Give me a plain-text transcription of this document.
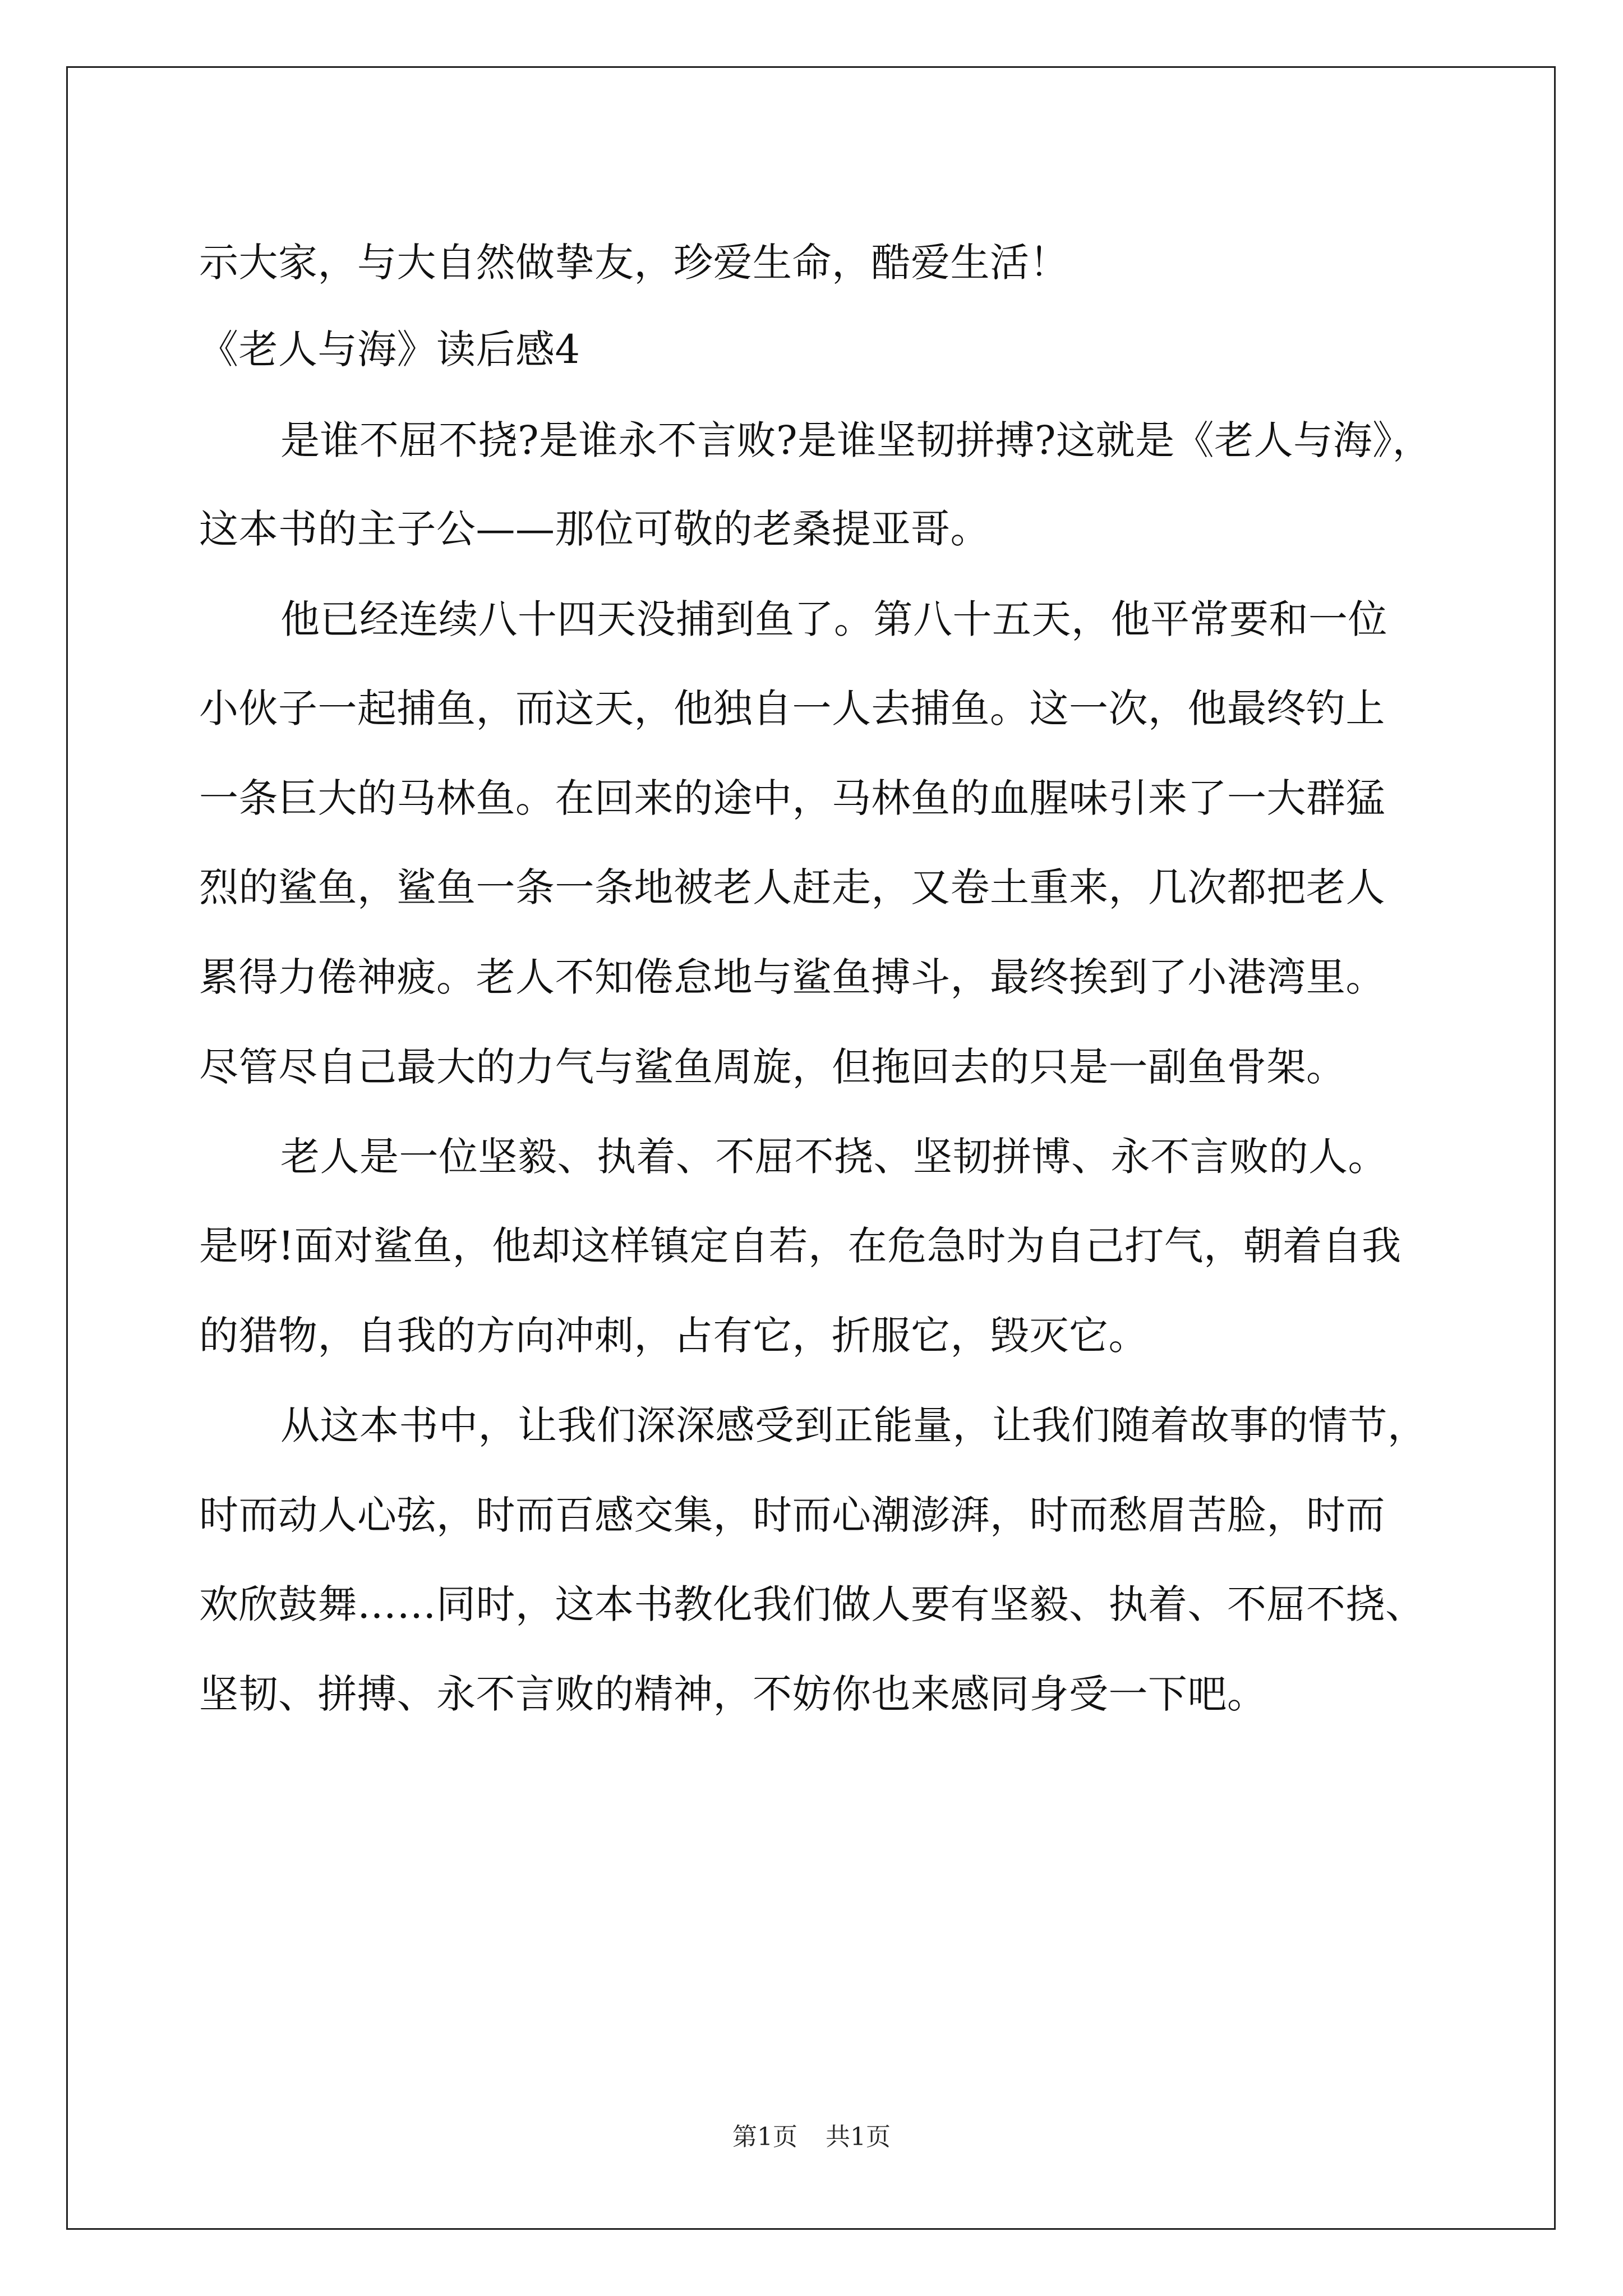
示大家，与大自然做挚友，珍爱生命，酷爱生活！
《老人与海》读后感4
是谁不屈不挠?是谁永不言败?是谁坚韧拼搏?这就是《老人与海》，
这本书的主子公——那位可敬的老桑提亚哥。
他已经连续八十四天没捕到鱼了。第八十五天，他平常要和一位
小伙子一起捕鱼，而这天，他独自一人去捕鱼。这一次，他最终钓上
一条巨大的马林鱼。在回来的途中，马林鱼的血腥味引来了一大群猛
烈的鲨鱼，鲨鱼一条一条地被老人赶走，又卷土重来，几次都把老人
累得力倦神疲。老人不知倦怠地与鲨鱼搏斗，最终挨到了小港湾里。
尽管尽自己最大的力气与鲨鱼周旋，但拖回去的只是一副鱼骨架。
老人是一位坚毅、执着、不屈不挠、坚韧拼博、永不言败的人。
是呀!面对鲨鱼，他却这样镇定自若，在危急时为自己打气，朝着自我
的猎物，自我的方向冲刺，占有它，折服它，毁灭它。
从这本书中，让我们深深感受到正能量，让我们随着故事的情节，
时而动人心弦，时而百感交集，时而心潮澎湃，时而愁眉苦脸，时而
欢欣鼓舞……同时，这本书教化我们做人要有坚毅、执着、不屈不挠、
坚韧、拼搏、永不言败的精神，不妨你也来感同身受一下吧。
第1页 共1页
